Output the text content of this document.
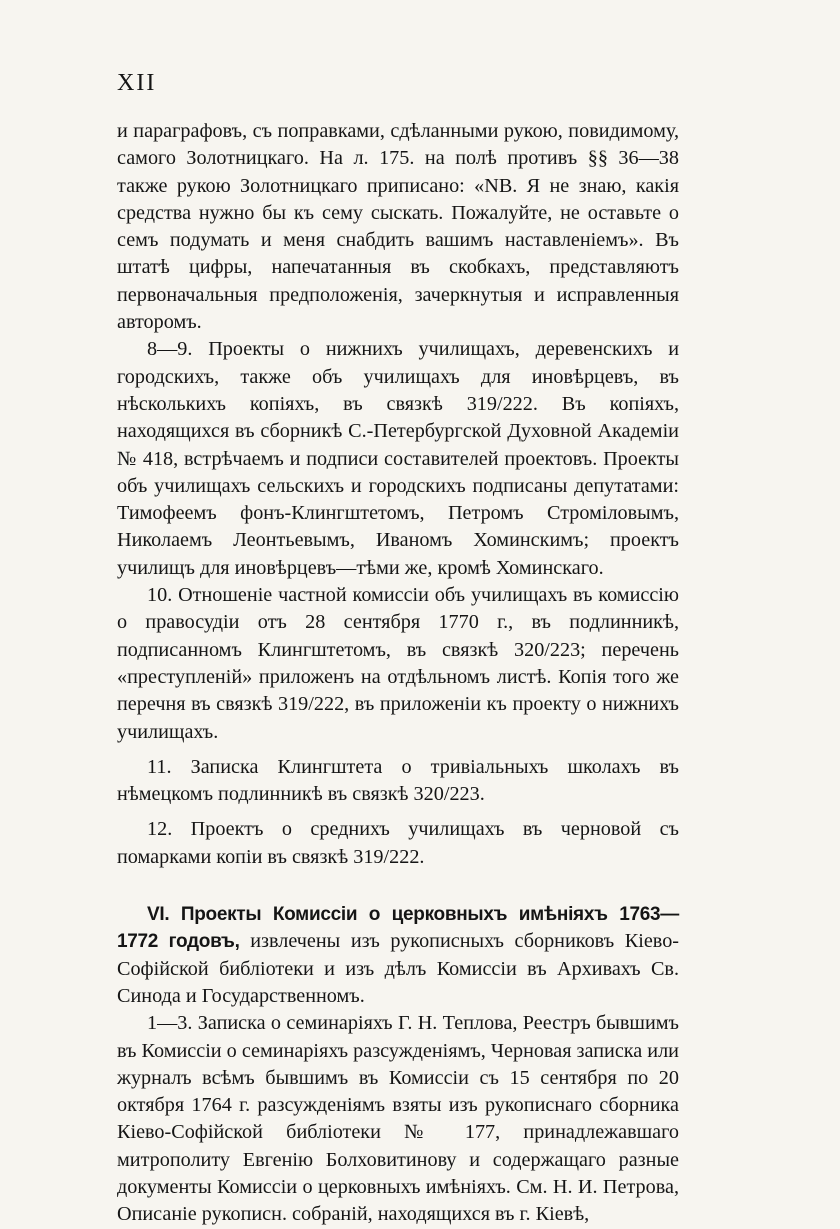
XII

и параграфовъ, съ поправками, сдѣланными рукою, повидимому, самого Золотницкаго. На л. 175. на полѣ противъ §§ 36—38 также рукою Золотницкаго приписано: «NB. Я не знаю, какія средства нужно бы къ сему сыскать. Пожалуйте, не оставьте о семъ подумать и меня снабдить вашимъ наставленіемъ». Въ штатѣ цифры, напечатанныя въ скобкахъ, представляютъ первоначальныя предположенія, зачеркнутыя и исправленныя авторомъ.

8—9. Проекты о нижнихъ училищахъ, деревенскихъ и городскихъ, также объ училищахъ для иновѣрцевъ, въ нѣсколькихъ копіяхъ, въ связкѣ 319/222. Въ копіяхъ, находящихся въ сборникѣ С.-Петербургской Духовной Академіи № 418, встрѣчаемъ и подписи составителей проектовъ. Проекты объ училищахъ сельскихъ и городскихъ подписаны депутатами: Тимофеемъ фонъ-Клингштетомъ, Петромъ Строміловымъ, Николаемъ Леонтьевымъ, Иваномъ Хоминскимъ; проектъ училищъ для иновѣрцевъ—тѣми же, кромѣ Хоминскаго.

10. Отношеніе частной комиссіи объ училищахъ въ комиссію о правосудіи отъ 28 сентября 1770 г., въ подлинникѣ, подписанномъ Клингштетомъ, въ связкѣ 320/223; перечень «преступленій» приложенъ на отдѣльномъ листѣ. Копія того же перечня въ связкѣ 319/222, въ приложеніи къ проекту о нижнихъ училищахъ.

11. Записка Клингштета о тривіальныхъ школахъ въ нѣмецкомъ подлинникѣ въ связкѣ 320/223.

12. Проектъ о среднихъ училищахъ въ черновой съ помарками копіи въ связкѣ 319/222.

VI. Проекты Комиссіи о церковныхъ имѣніяхъ 1763—1772 годовъ, извлечены изъ рукописныхъ сборниковъ Кіево-Софійской библіотеки и изъ дѣлъ Комиссіи въ Архивахъ Св. Синода и Государственномъ.

1—3. Записка о семинаріяхъ Г. Н. Теплова, Реестръ бывшимъ въ Комиссіи о семинаріяхъ разсужденіямъ, Черновая записка или журналъ всѣмъ бывшимъ въ Комиссіи съ 15 сентября по 20 октября 1764 г. разсужденіямъ взяты изъ рукописнаго сборника Кіево-Софійской библіотеки № 177, принадлежавшаго митрополиту Евгенію Болховитинову и содержащаго разные документы Комиссіи о церковныхъ имѣніяхъ. См. Н. И. Петрова, Описаніе рукописн. собраній, находящихся въ г. Кіевѣ,
